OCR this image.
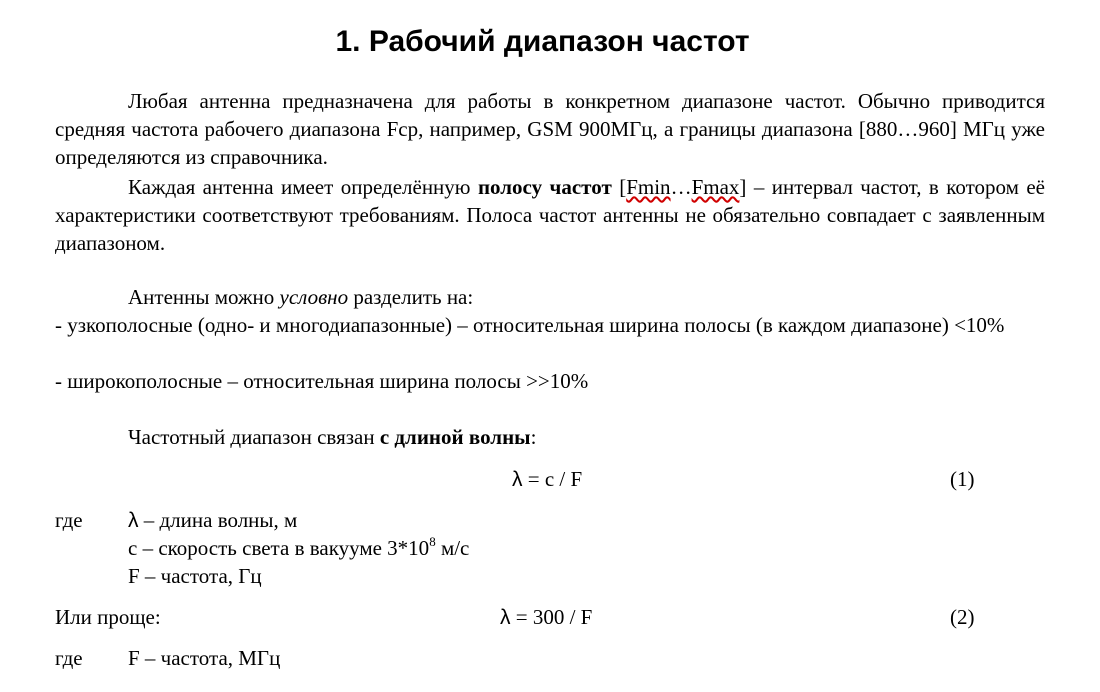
1. Рабочий диапазон частот

Любая антенна предназначена для работы в конкретном диапазоне частот. Обычно приводится средняя частота рабочего диапазона Fср, например, GSM 900МГц, а границы диапазона [880…960] МГц уже определяются из справочника.

Каждая антенна имеет определённую полосу частот [Fmin…Fmax] – интервал частот, в котором её характеристики соответствуют требованиям. Полоса частот антенны не обязательно совпадает с заявленным диапазоном.

Антенны можно условно разделить на:

- узкополосные (одно- и многодиапазонные) – относительная ширина полосы (в каждом диапазоне) <10%

- широкополосные – относительная ширина полосы >>10%
Частотный диапазон связан с длиной волны:
λ = c / F	(1)
где λ – длина волны, м
c – скорость света в вакууме $3*10^8$ м/с
F – частота, Гц
Или проще:	λ = 300 / F	(2)
где F – частота, МГц
